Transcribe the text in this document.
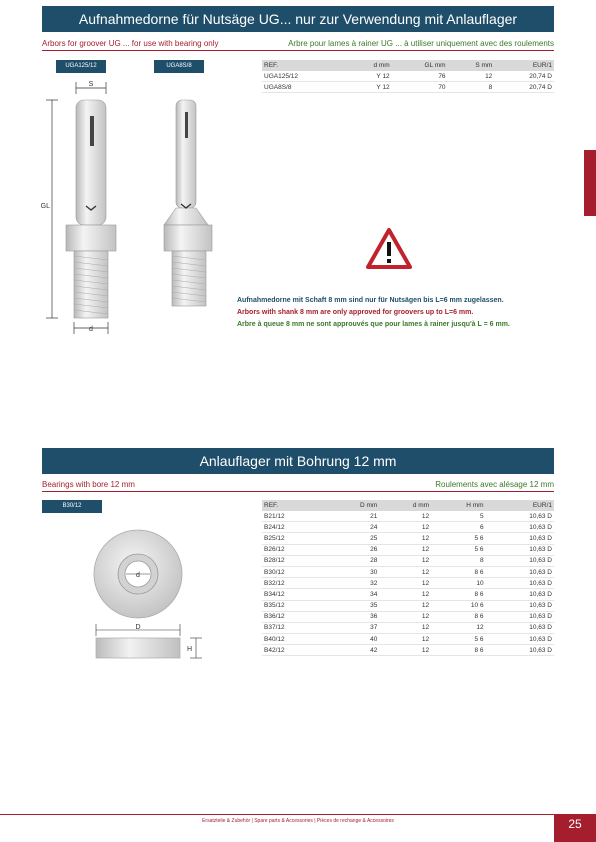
Aufnahmedorne für Nutsäge UG... nur zur Verwendung mit Anlauflager
Arbors for groover UG ... for use with bearing only	Arbre pour lames à rainer UG ... à utiliser uniquement avec des roulements
UGA125/12	UGA8S/8
S
GL
d
REF.	d mm	GL mm	S mm	EUR/1
UGA125/12	Y 12	76	12	20,74 D
UGA8S/8	Y 12	70	8	20,74 D
Aufnahmedorne mit Schaft 8 mm sind nur für Nutsägen bis L=6 mm zugelassen.
Arbors with shank 8 mm are only approved for groovers up to L=6 mm.
Arbre à queue 8 mm ne sont approuvés que pour lames à rainer jusqu'à L = 6 mm.
Anlauflager mit Bohrung 12 mm
Bearings with bore 12 mm	Roulements avec alésage 12 mm
B30/12
d
D
H
REF.	D mm	d mm	H mm	EUR/1
B21/12	21	12	5	10,63 D
B24/12	24	12	6	10,63 D
B25/12	25	12	5 6	10,63 D
B26/12	26	12	5 6	10,63 D
B28/12	28	12	8	10,63 D
B30/12	30	12	8 6	10,63 D
B32/12	32	12	10	10,63 D
B34/12	34	12	8 6	10,63 D
B35/12	35	12	10 6	10,63 D
B36/12	36	12	8 6	10,63 D
B37/12	37	12	12	10,63 D
B40/12	40	12	5 6	10,63 D
B42/12	42	12	8 6	10,63 D
Ersatzteile & Zubehör | Spare parts & Accessories | Pièces de rechange & Accessoires	25
